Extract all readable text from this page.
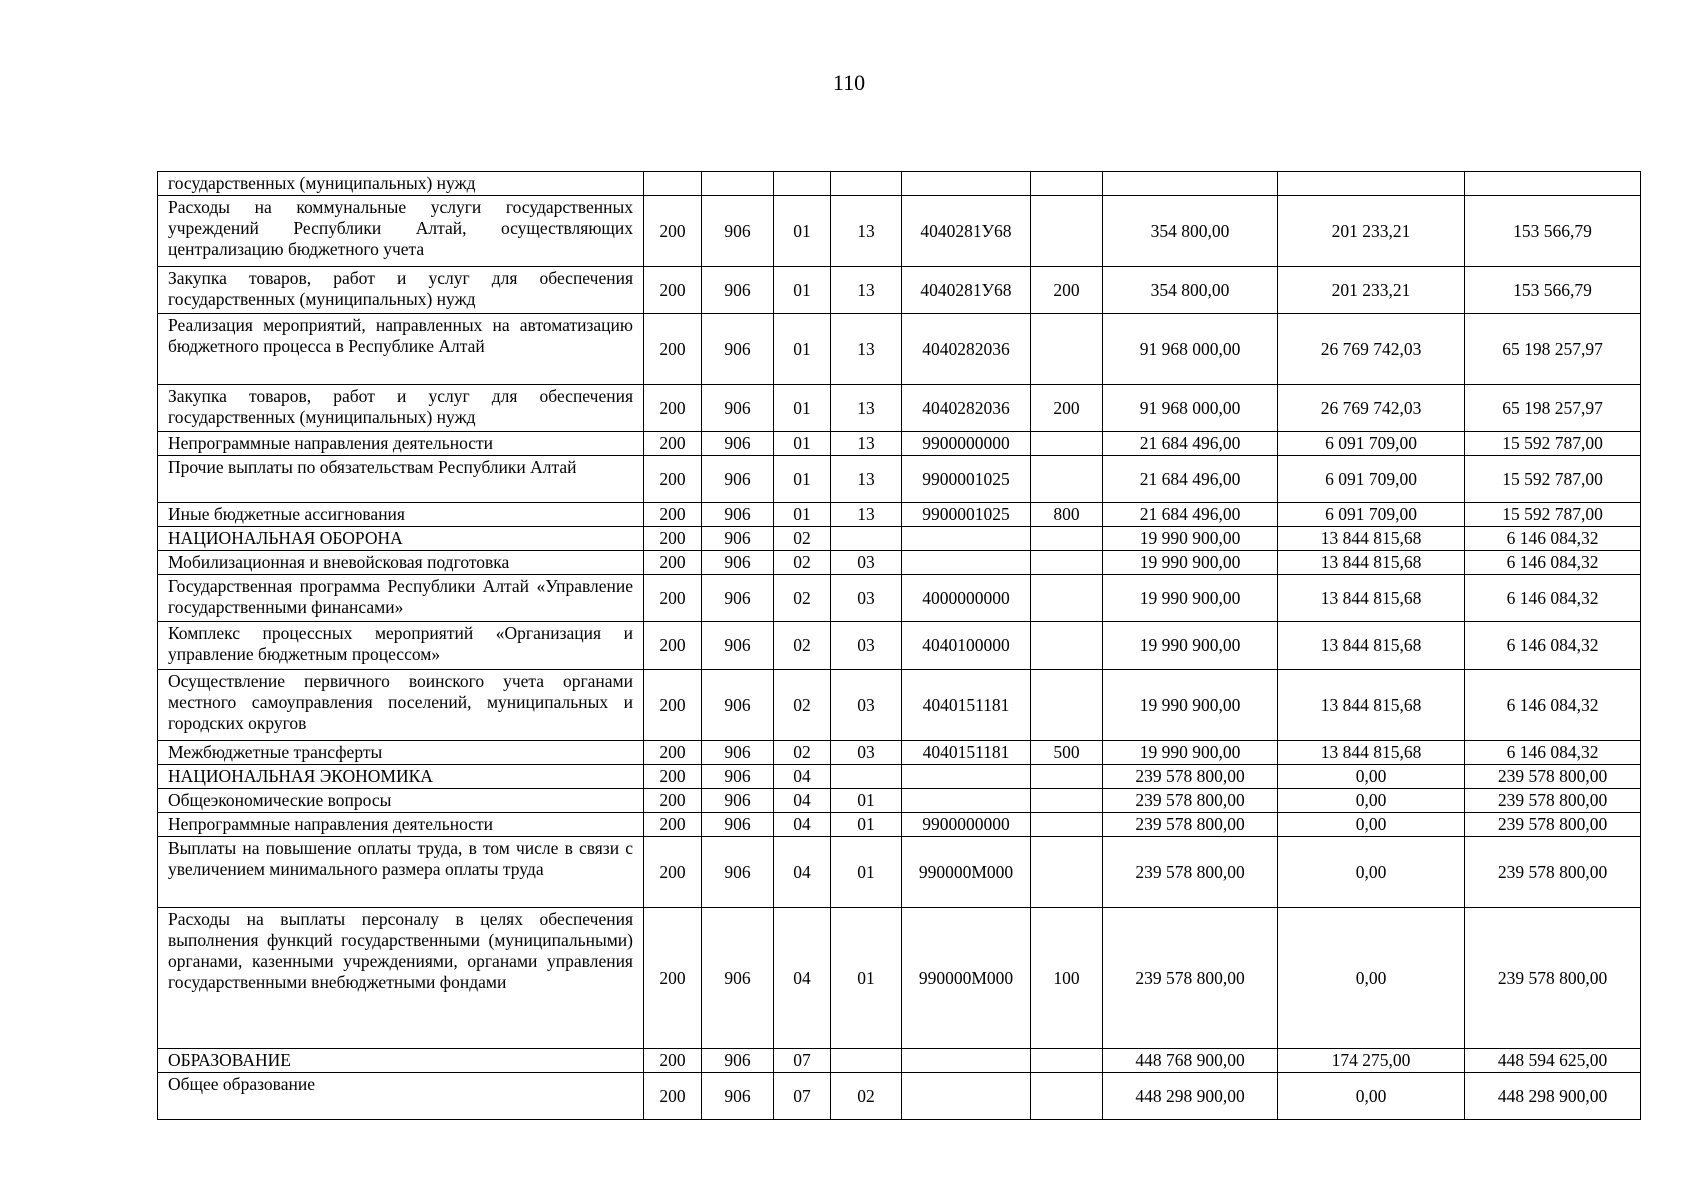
110
государственных (муниципальных) нужд									
Расходы на коммунальные услуги государственных учреждений Республики Алтай, осуществляющих централизацию бюджетного учета	200	906	01	13	4040281У68		354 800,00	201 233,21	153 566,79
Закупка товаров, работ и услуг для обеспечения государственных (муниципальных) нужд	200	906	01	13	4040281У68	200	354 800,00	201 233,21	153 566,79
Реализация мероприятий, направленных на автоматизацию бюджетного процесса в Республике Алтай	200	906	01	13	4040282036		91 968 000,00	26 769 742,03	65 198 257,97
Закупка товаров, работ и услуг для обеспечения государственных (муниципальных) нужд	200	906	01	13	4040282036	200	91 968 000,00	26 769 742,03	65 198 257,97
Непрограммные направления деятельности	200	906	01	13	9900000000		21 684 496,00	6 091 709,00	15 592 787,00
Прочие выплаты по обязательствам Республики Алтай	200	906	01	13	9900001025		21 684 496,00	6 091 709,00	15 592 787,00
Иные бюджетные ассигнования	200	906	01	13	9900001025	800	21 684 496,00	6 091 709,00	15 592 787,00
НАЦИОНАЛЬНАЯ ОБОРОНА	200	906	02				19 990 900,00	13 844 815,68	6 146 084,32
Мобилизационная и вневойсковая подготовка	200	906	02	03			19 990 900,00	13 844 815,68	6 146 084,32
Государственная программа Республики Алтай «Управление государственными финансами»	200	906	02	03	4000000000		19 990 900,00	13 844 815,68	6 146 084,32
Комплекс процессных мероприятий «Организация и управление бюджетным процессом»	200	906	02	03	4040100000		19 990 900,00	13 844 815,68	6 146 084,32
Осуществление первичного воинского учета органами местного самоуправления поселений, муниципальных и городских округов	200	906	02	03	4040151181		19 990 900,00	13 844 815,68	6 146 084,32
Межбюджетные трансферты	200	906	02	03	4040151181	500	19 990 900,00	13 844 815,68	6 146 084,32
НАЦИОНАЛЬНАЯ ЭКОНОМИКА	200	906	04				239 578 800,00	0,00	239 578 800,00
Общеэкономические вопросы	200	906	04	01			239 578 800,00	0,00	239 578 800,00
Непрограммные направления деятельности	200	906	04	01	9900000000		239 578 800,00	0,00	239 578 800,00
Выплаты на повышение оплаты труда, в том числе в связи с увеличением минимального размера оплаты труда	200	906	04	01	990000М000		239 578 800,00	0,00	239 578 800,00
Расходы на выплаты персоналу в целях обеспечения выполнения функций государственными (муниципальными) органами, казенными учреждениями, органами управления государственными внебюджетными фондами	200	906	04	01	990000М000	100	239 578 800,00	0,00	239 578 800,00
ОБРАЗОВАНИЕ	200	906	07				448 768 900,00	174 275,00	448 594 625,00
Общее образование	200	906	07	02			448 298 900,00	0,00	448 298 900,00
